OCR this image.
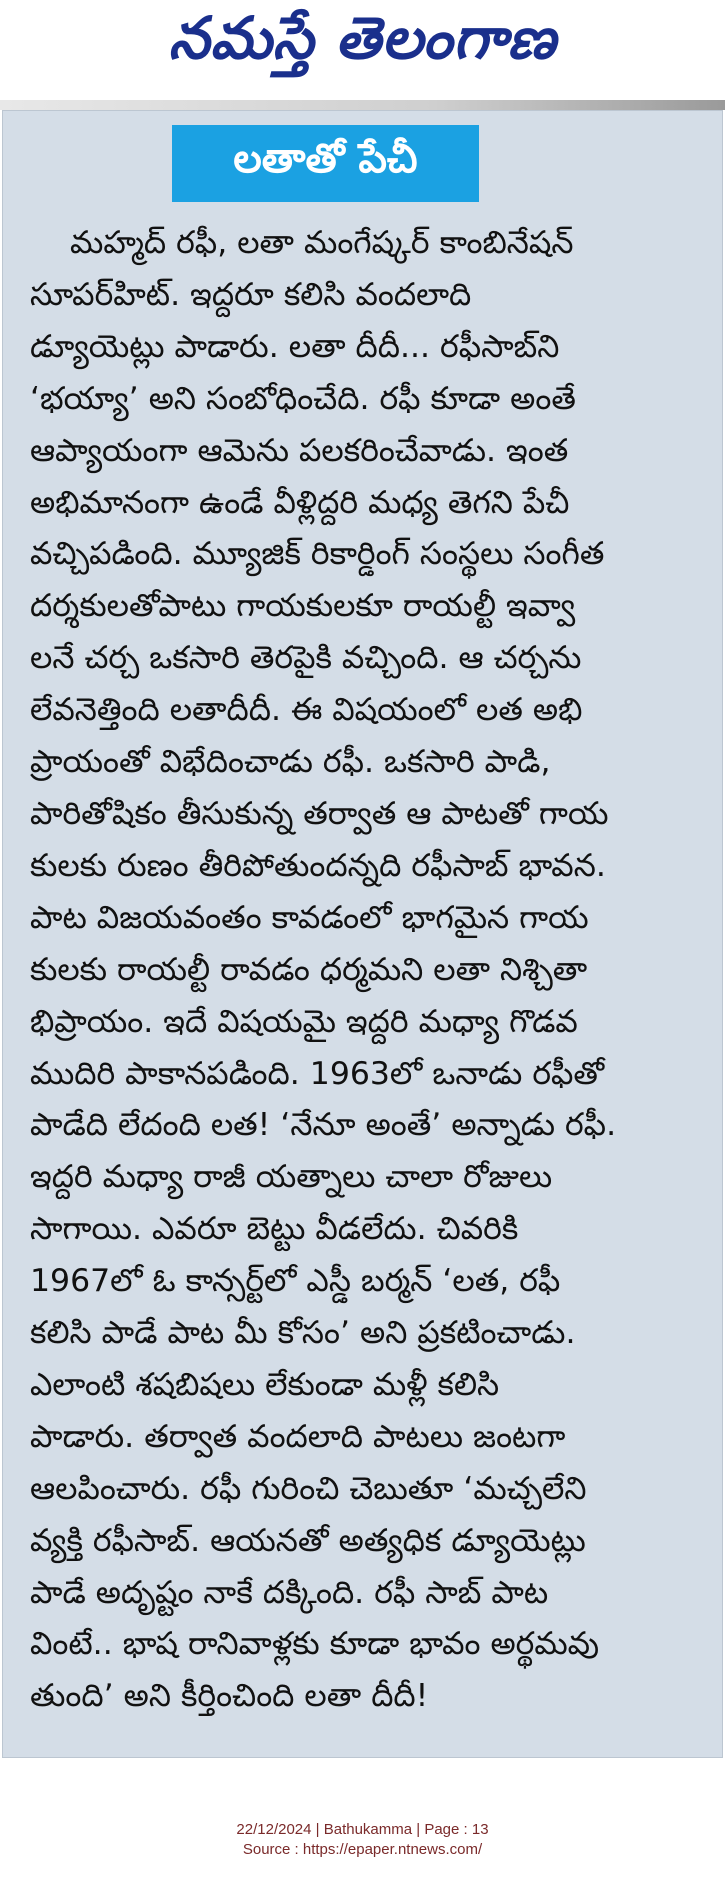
నమస్తే తెలంగాణ
లతాతో పేచీ
మహ్మద్ రఫీ, లతా మంగేష్కర్ కాంబినేషన్
సూపర్‌హిట్. ఇద్దరూ కలిసి వందలాది
డ్యూయెట్లు పాడారు. లతా దీదీ... రఫీసాబ్‌ని
‘భయ్యా’ అని సంబోధించేది. రఫీ కూడా అంతే
ఆప్యాయంగా ఆమెను పలకరించేవాడు. ఇంత
అభిమానంగా ఉండే వీళ్లిద్దరి మధ్య తెగని పేచీ
వచ్చిపడింది. మ్యూజిక్ రికార్డింగ్ సంస్థలు సంగీత
దర్శకులతోపాటు గాయకులకూ రాయల్టీ ఇవ్వా
లనే చర్చ ఒకసారి తెరపైకి వచ్చింది. ఆ చర్చను
లేవనెత్తింది లతాదీదీ. ఈ విషయంలో లత అభి
ప్రాయంతో విభేదించాడు రఫీ. ఒకసారి పాడి,
పారితోషికం తీసుకున్న తర్వాత ఆ పాటతో గాయ
కులకు రుణం తీరిపోతుందన్నది రఫీసాబ్ భావన.
పాట విజయవంతం కావడంలో భాగమైన గాయ
కులకు రాయల్టీ రావడం ధర్మమని లతా నిశ్చితా
భిప్రాయం. ఇదే విషయమై ఇద్దరి మధ్యా గొడవ
ముదిరి పాకానపడింది. 1963లో ఒనాడు రఫీతో
పాడేది లేదంది లత! ‘నేనూ అంతే’ అన్నాడు రఫీ.
ఇద్దరి మధ్యా రాజీ యత్నాలు చాలా రోజులు
సాగాయి. ఎవరూ బెట్టు వీడలేదు. చివరికి
1967లో ఓ కాన్సర్ట్‌లో ఎస్డీ బర్మన్ ‘లత, రఫీ
కలిసి పాడే పాట మీ కోసం’ అని ప్రకటించాడు.
ఎలాంటి శషబిషలు లేకుండా మళ్లీ కలిసి
పాడారు. తర్వాత వందలాది పాటలు జంటగా
ఆలపించారు. రఫీ గురించి చెబుతూ ‘మచ్చలేని
వ్యక్తి రఫీసాబ్. ఆయనతో అత్యధిక డ్యూయెట్లు
పాడే అదృష్టం నాకే దక్కింది. రఫీ సాబ్ పాట
వింటే.. భాష రానివాళ్లకు కూడా భావం అర్థమవు
తుంది’ అని కీర్తించింది లతా దీదీ!
22/12/2024 | Bathukamma | Page : 13
Source : https://epaper.ntnews.com/
